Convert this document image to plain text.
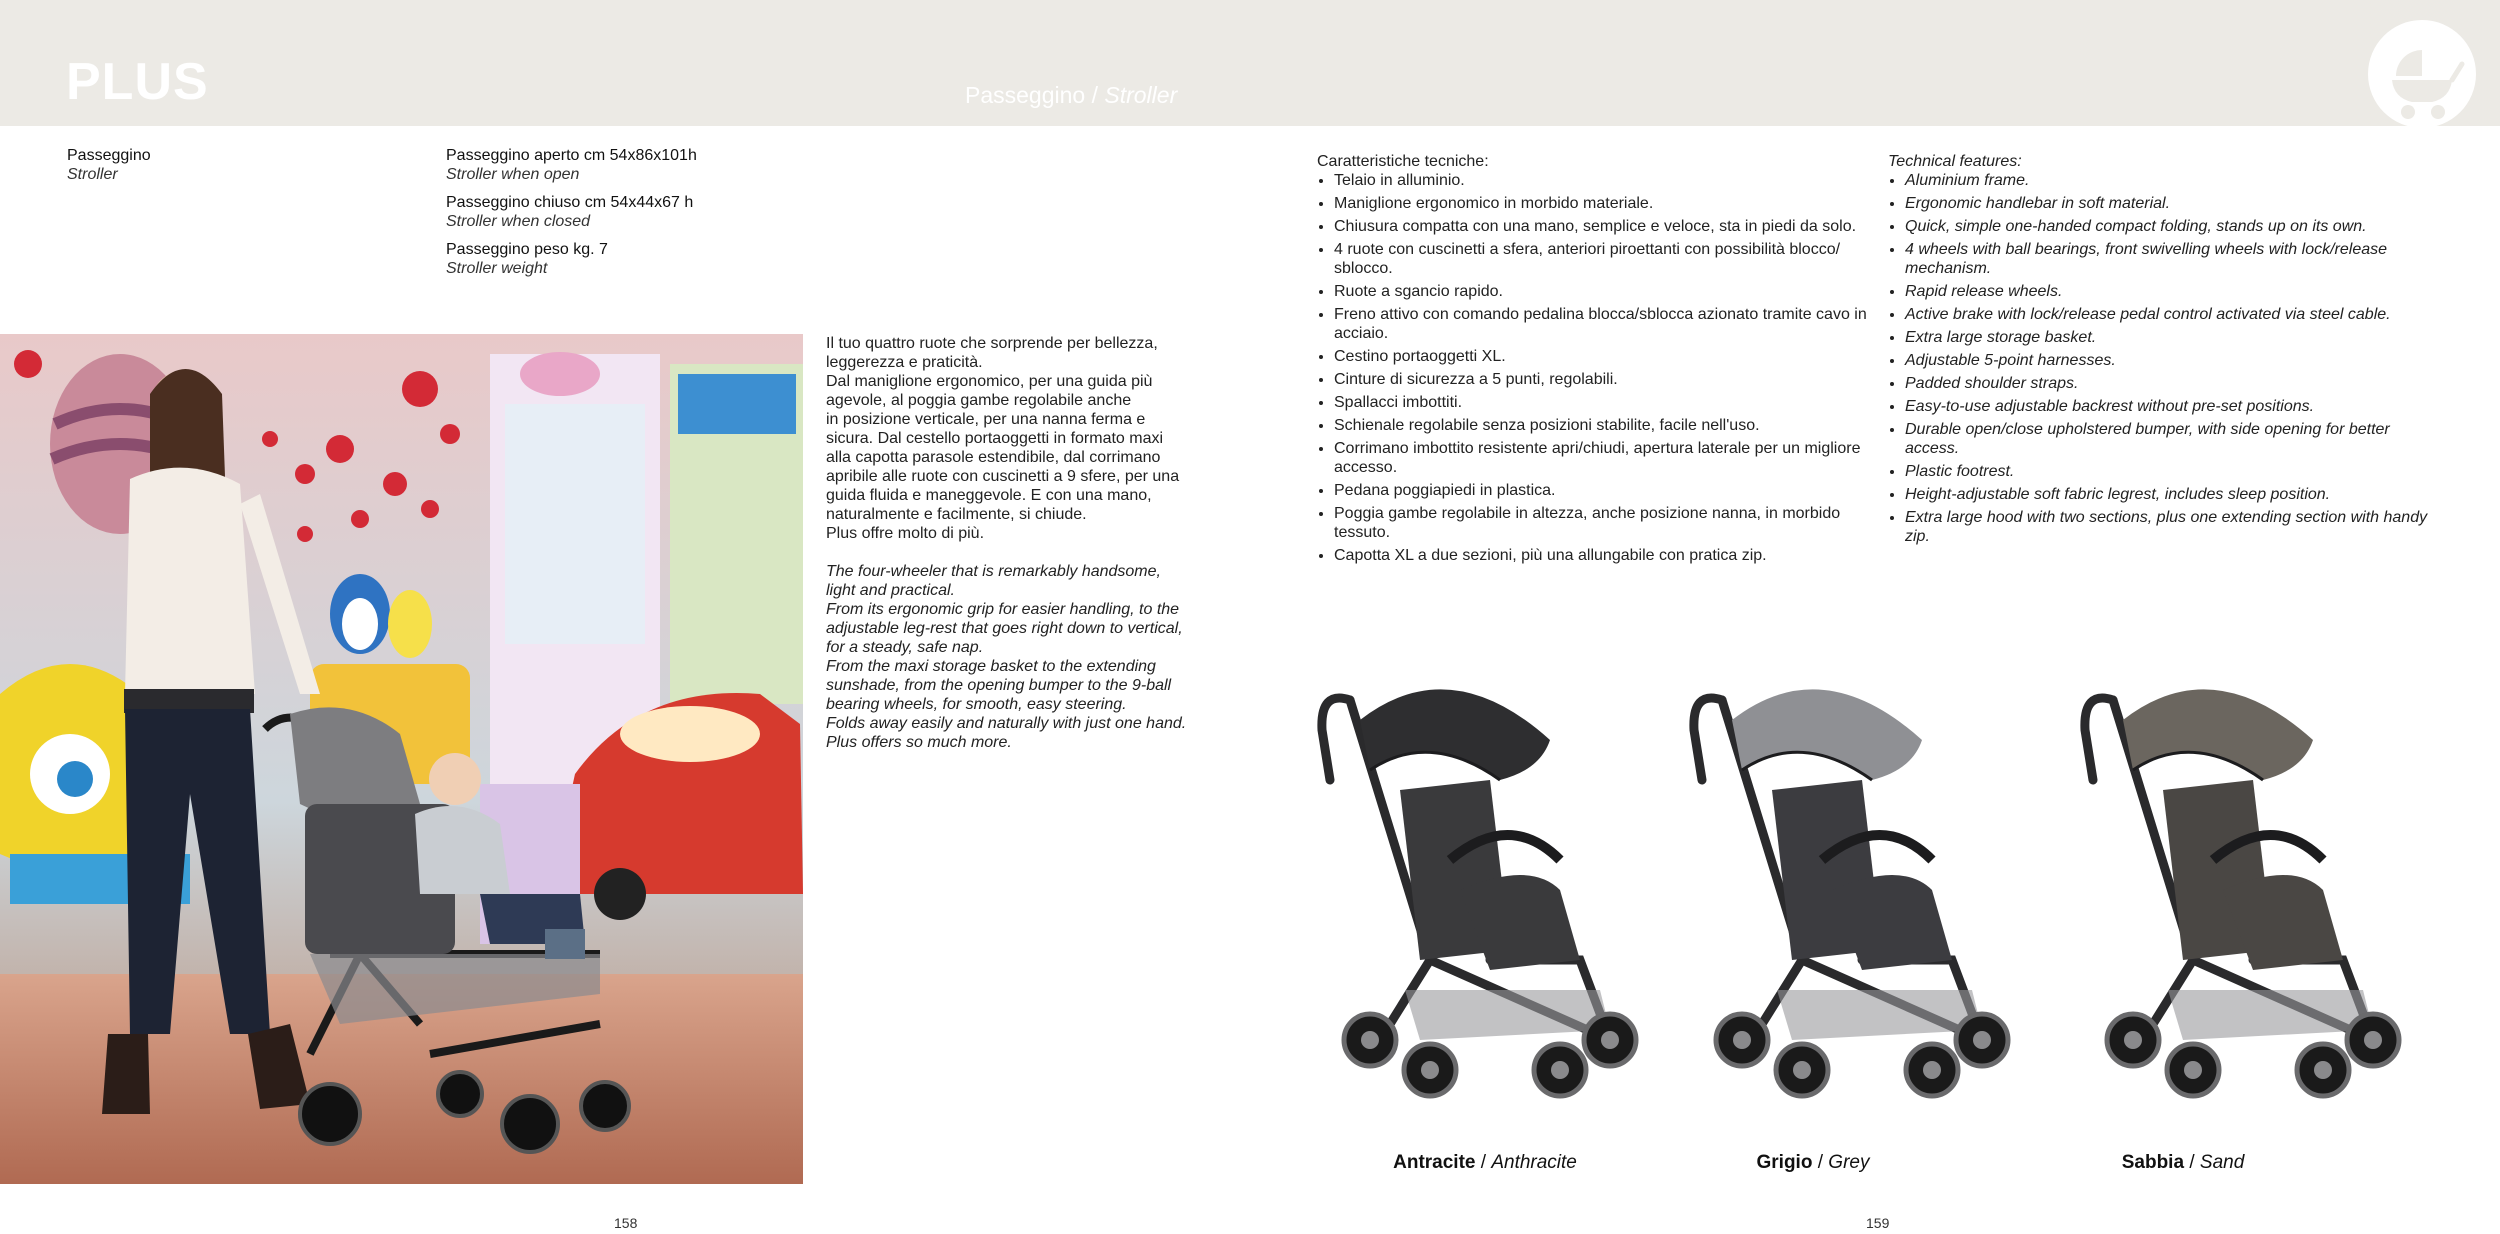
PLUS	Passeggino / Stroller
Passeggino
Stroller
Passeggino aperto cm 54x86x101h
Stroller when open
Passeggino chiuso cm 54x44x67 h
Stroller when closed
Passeggino peso kg. 7
Stroller weight

Il tuo quattro ruote che sorprende per bellezza,
leggerezza e praticità.
Dal maniglione ergonomico, per una guida più
agevole, al poggia gambe regolabile anche
in posizione verticale, per una nanna ferma e
sicura. Dal cestello portaoggetti in formato maxi
alla capotta parasole estendibile, dal corrimano
apribile alle ruote con cuscinetti a 9 sfere, per una
guida fluida e maneggevole. E con una mano,
naturalmente e facilmente, si chiude.
Plus offre molto di più.

The four-wheeler that is remarkably handsome,
light and practical.
From its ergonomic grip for easier handling, to the
adjustable leg-rest that goes right down to vertical,
for a steady, safe nap.
From the maxi storage basket to the extending
sunshade, from the opening bumper to the 9-ball
bearing wheels, for smooth, easy steering.
Folds away easily and naturally with just one hand.
Plus offers so much more.

Caratteristiche tecniche:
• Telaio in alluminio.
• Maniglione ergonomico in morbido materiale.
• Chiusura compatta con una mano, semplice e veloce, sta in piedi da solo.
• 4 ruote con cuscinetti a sfera, anteriori piroettanti con possibilità blocco/ sblocco.
• Ruote a sgancio rapido.
• Freno attivo con comando pedalina blocca/sblocca azionato tramite cavo in acciaio.
• Cestino portaoggetti XL.
• Cinture di sicurezza a 5 punti, regolabili.
• Spallacci imbottiti.
• Schienale regolabile senza posizioni stabilite, facile nell'uso.
• Corrimano imbottito resistente apri/chiudi, apertura laterale per un migliore accesso.
• Pedana poggiapiedi in plastica.
• Poggia gambe regolabile in altezza, anche posizione nanna, in morbido tessuto.
• Capotta XL a due sezioni, più una allungabile con pratica zip.
Technical features:
• Aluminium frame.
• Ergonomic handlebar in soft material.
• Quick, simple one-handed compact folding, stands up on its own.
• 4 wheels with ball bearings, front swivelling wheels with lock/release mechanism.
• Rapid release wheels.
• Active brake with lock/release pedal control activated via steel cable.
• Extra large storage basket.
• Adjustable 5-point harnesses.
• Padded shoulder straps.
• Easy-to-use adjustable backrest without pre-set positions.
• Durable open/close upholstered bumper, with side opening for better access.
• Plastic footrest.
• Height-adjustable soft fabric legrest, includes sleep position.
• Extra large hood with two sections, plus one extending section with handy zip.
Antracite / Anthracite	Grigio / Grey	Sabbia / Sand
158	159
